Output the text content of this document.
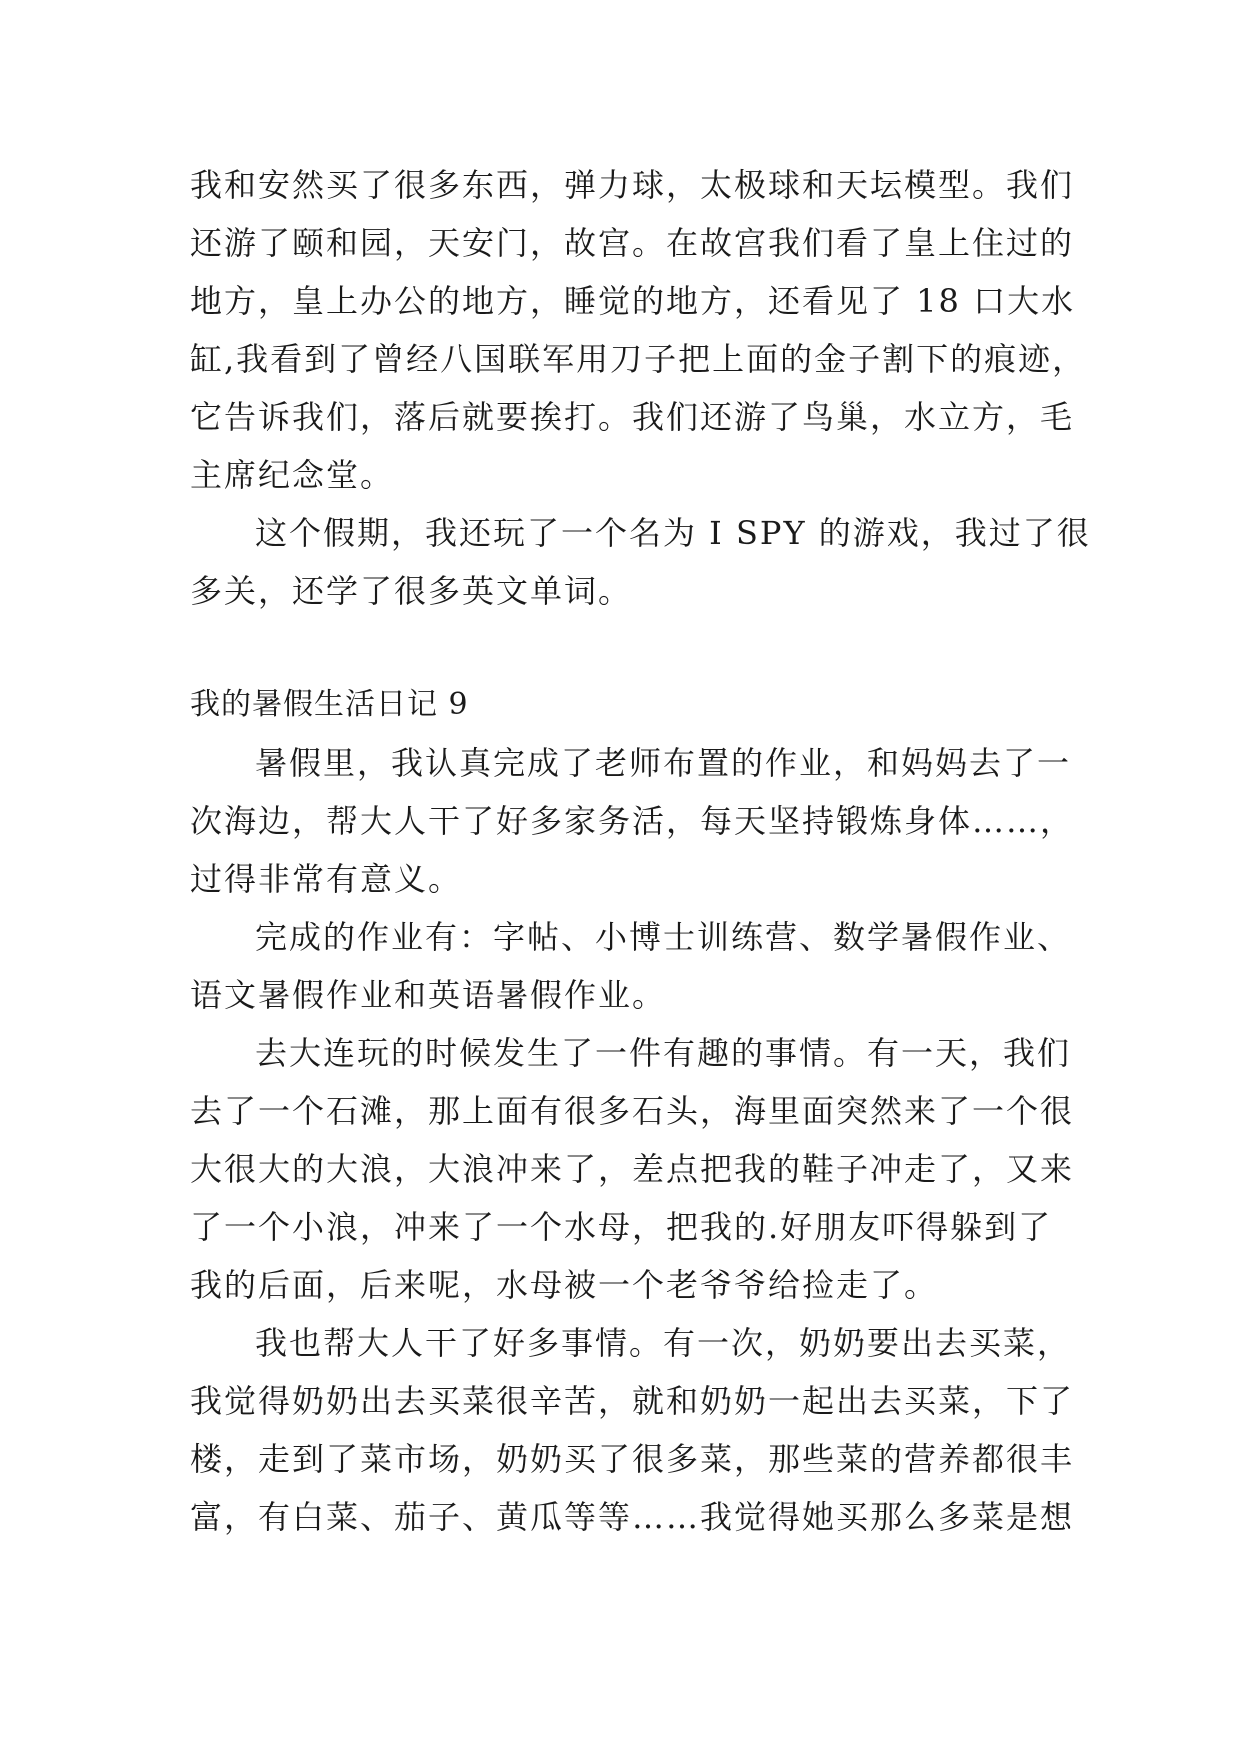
我和安然买了很多东西，弹力球，太极球和天坛模型。我们
还游了颐和园，天安门，故宫。在故宫我们看了皇上住过的
地方，皇上办公的地方，睡觉的地方，还看见了 18 口大水
缸,我看到了曾经八国联军用刀子把上面的金子割下的痕迹，
它告诉我们，落后就要挨打。我们还游了鸟巢，水立方，毛
主席纪念堂。
这个假期，我还玩了一个名为 I SPY 的游戏，我过了很
多关，还学了很多英文单词。
我的暑假生活日记 9
暑假里，我认真完成了老师布置的作业，和妈妈去了一
次海边，帮大人干了好多家务活，每天坚持锻炼身体……，
过得非常有意义。
完成的作业有：字帖、小博士训练营、数学暑假作业、
语文暑假作业和英语暑假作业。
去大连玩的时候发生了一件有趣的事情。有一天，我们
去了一个石滩，那上面有很多石头，海里面突然来了一个很
大很大的大浪，大浪冲来了，差点把我的鞋子冲走了，又来
了一个小浪，冲来了一个水母，把我的.好朋友吓得躲到了
我的后面，后来呢，水母被一个老爷爷给捡走了。
我也帮大人干了好多事情。有一次，奶奶要出去买菜，
我觉得奶奶出去买菜很辛苦，就和奶奶一起出去买菜，下了
楼，走到了菜市场，奶奶买了很多菜，那些菜的营养都很丰
富，有白菜、茄子、黄瓜等等……我觉得她买那么多菜是想
